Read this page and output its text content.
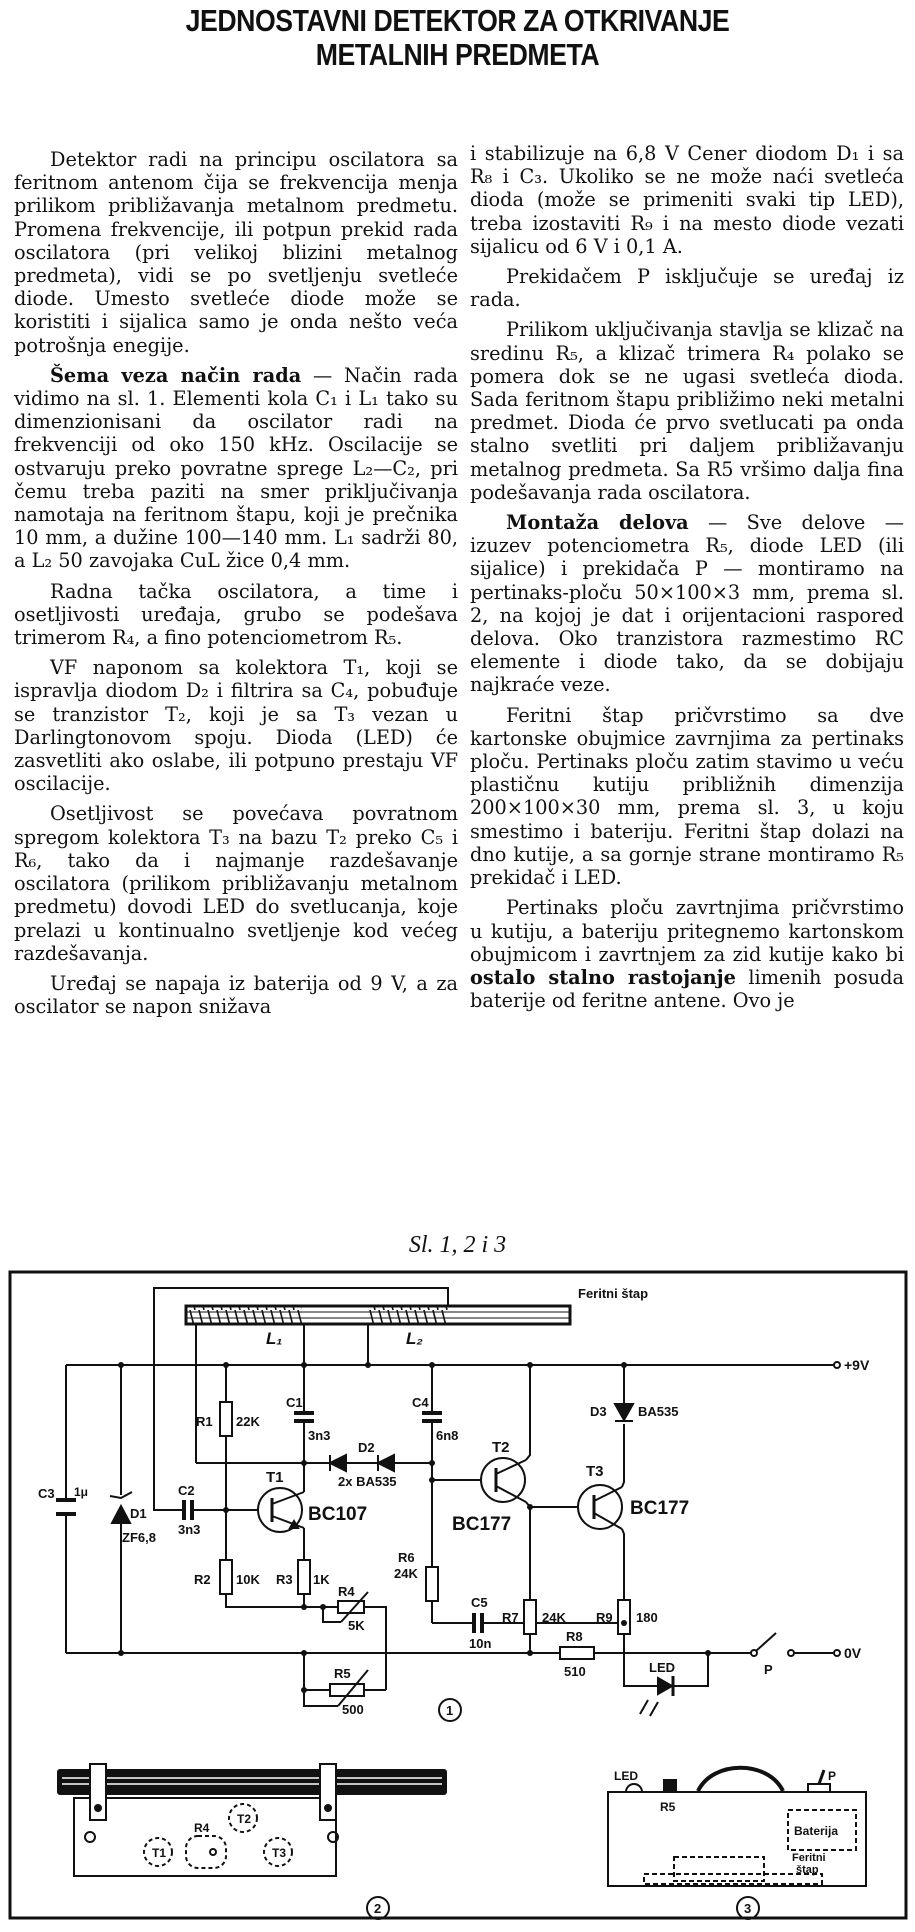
JEDNOSTAVNI DETEKTOR ZA OTKRIVANJE
METALNIH PREDMETA

Detektor radi na principu oscilatora sa feritnom antenom čija se frekvencija menja prilikom približavanja metalnom predmetu. Promena frekvencije, ili potpun prekid rada oscilatora (pri velikoj blizini metalnog predmeta), vidi se po svetljenju svetleće diode. Umesto svetleće diode može se koristiti i sijalica samo je onda nešto veća potrošnja enegije.

Šema veza način rada — Način rada vidimo na sl. 1. Elementi kola C₁ i L₁ tako su dimenzionisani da oscilator radi na frekvenciji od oko 150 kHz. Oscilacije se ostvaruju preko povratne sprege L₂—C₂, pri čemu treba paziti na smer priključivanja namotaja na feritnom štapu, koji je prečnika 10 mm, a dužine 100—140 mm. L₁ sadrži 80, a L₂ 50 zavojaka CuL žice 0,4 mm.

Radna tačka oscilatora, a time i osetljivosti uređaja, grubo se podešava trimerom R₄, a fino potenciometrom R₅.

VF naponom sa kolektora T₁, koji se ispravlja diodom D₂ i filtrira sa C₄, pobuđuje se tranzistor T₂, koji je sa T₃ vezan u Darlingtonovom spoju. Dioda (LED) će zasvetliti ako oslabe, ili potpuno prestaju VF oscilacije.

Osetljivost se povećava povratnom spregom kolektora T₃ na bazu T₂ preko C₅ i R₆, tako da i najmanje razdešavanje oscilatora (prilikom približavanju metalnom predmetu) dovodi LED do svetlucanja, koje prelazi u kontinualno svetljenje kod većeg razdešavanja.

Uređaj se napaja iz baterija od 9 V, a za oscilator se napon snižava

i stabilizuje na 6,8 V Cener diodom D₁ i sa R₈ i C₃. Ukoliko se ne može naći svetleća dioda (može se primeniti svaki tip LED), treba izostaviti R₉ i na mesto diode vezati sijalicu od 6 V i 0,1 A.

Prekidačem P isključuje se uređaj iz rada.

Prilikom uključivanja stavlja se klizač na sredinu R₅, a klizač trimera R₄ polako se pomera dok se ne ugasi svetleća dioda. Sada feritnom štapu približimo neki metalni predmet. Dioda će prvo svetlucati pa onda stalno svetliti pri daljem približavanju metalnog predmeta. Sa R5 vršimo dalja fina podešavanja rada oscilatora.

Montaža delova — Sve delove — izuzev potenciometra R₅, diode LED (ili sijalice) i prekidača P — montiramo na pertinaks-ploču 50×100×3 mm, prema sl. 2, na kojoj je dat i orijentacioni raspored delova. Oko tranzistora razmestimo RC elemente i diode tako, da se dobijaju najkraće veze.

Feritni štap pričvrstimo sa dve kartonske obujmice zavrnjima za pertinaks ploču. Pertinaks ploču zatim stavimo u veću plastičnu kutiju približnih dimenzija 200×100×30 mm, prema sl. 3, u koju smestimo i bateriju. Feritni štap dolazi na dno kutije, a sa gornje strane montiramo R₅ prekidač i LED.

Pertinaks ploču zavrtnjima pričvrstimo u kutiju, a bateriju pritegnemo kartonskom obujmicom i zavrtnjem za zid kutije kako bi ostalo stalno rastojanje limenih posuda baterije od feritne antene. Ovo je

Sl. 1, 2 i 3
Feritni štap
L₁	L₂
+9V
0V
R1 22K
C1
3n3
C4
6n8
D2
2x BA535
C3 1μ
D1
ZF6,8
C2
3n3
T1
BC107
R2 10K R3 1K
R4
5K
R5
500
R6
24K
C5
10n
T2
BC177
T3
BC177
D3 BA535
R7 24K R9 180
R8
510	LED	P
1
T1
T2
T3
R4
2
LED
R5
P
Baterija
Feritni
štap
3
